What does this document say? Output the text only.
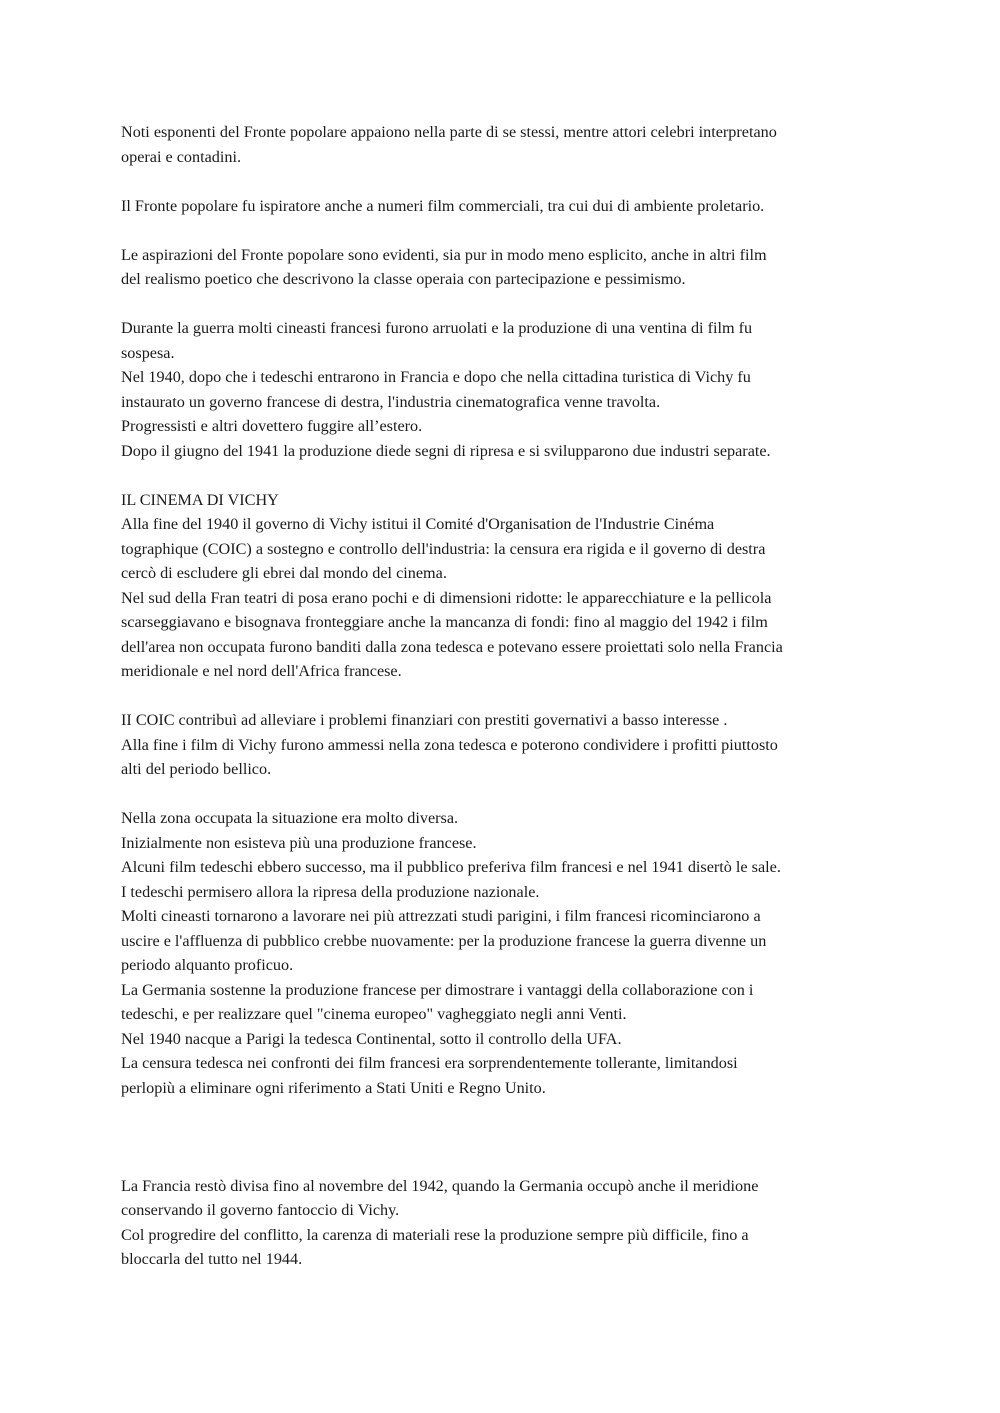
Noti esponenti del Fronte popolare appaiono nella parte di se stessi, mentre attori celebri interpretano
operai e contadini.
Il Fronte popolare fu ispiratore anche a numeri film commerciali, tra cui dui di ambiente proletario.
Le aspirazioni del Fronte popolare sono evidenti, sia pur in modo meno esplicito, anche in altri film
del realismo poetico che descrivono la classe operaia con partecipazione e pessimismo.
Durante la guerra molti cineasti francesi furono arruolati e la produzione di una ventina di film fu
sospesa.
Nel 1940, dopo che i tedeschi entrarono in Francia e dopo che nella cittadina turistica di Vichy fu
instaurato un governo francese di destra, l'industria cinematografica venne travolta.
Progressisti e altri dovettero fuggire all’estero.
Dopo il giugno del 1941 la produzione diede segni di ripresa e si svilupparono due industri separate.
IL CINEMA DI VICHY
Alla fine del 1940 il governo di Vichy istitui il Comité d'Organisation de l'Industrie Cinéma
tographique (COIC) a sostegno e controllo dell'industria: la censura era rigida e il governo di destra
cercò di escludere gli ebrei dal mondo del cinema.
Nel sud della Fran teatri di posa erano pochi e di dimensioni ridotte: le apparecchiature e la pellicola
scarseggiavano e bisognava fronteggiare anche la mancanza di fondi: fino al maggio del 1942 i film
dell'area non occupata furono banditi dalla zona tedesca e potevano essere proiettati solo nella Francia
meridionale e nel nord dell'Africa francese.
II COIC contribuì ad alleviare i problemi finanziari con prestiti governativi a basso interesse .
Alla fine i film di Vichy furono ammessi nella zona tedesca e poterono condividere i profitti piuttosto
alti del periodo bellico.
Nella zona occupata la situazione era molto diversa.
Inizialmente non esisteva più una produzione francese.
Alcuni film tedeschi ebbero successo, ma il pubblico preferiva film francesi e nel 1941 disertò le sale.
I tedeschi permisero allora la ripresa della produzione nazionale.
Molti cineasti tornarono a lavorare nei più attrezzati studi parigini, i film francesi ricominciarono a
uscire e l'affluenza di pubblico crebbe nuovamente: per la produzione francese la guerra divenne un
periodo alquanto proficuo.
La Germania sostenne la produzione francese per dimostrare i vantaggi della collaborazione con i
tedeschi, e per realizzare quel "cinema europeo" vagheggiato negli anni Venti.
Nel 1940 nacque a Parigi la tedesca Continental, sotto il controllo della UFA.
La censura tedesca nei confronti dei film francesi era sorprendentemente tollerante, limitandosi
perlopiù a eliminare ogni riferimento a Stati Uniti e Regno Unito.
La Francia restò divisa fino al novembre del 1942, quando la Germania occupò anche il meridione
conservando il governo fantoccio di Vichy.
Col progredire del conflitto, la carenza di materiali rese la produzione sempre più difficile, fino a
bloccarla del tutto nel 1944.
